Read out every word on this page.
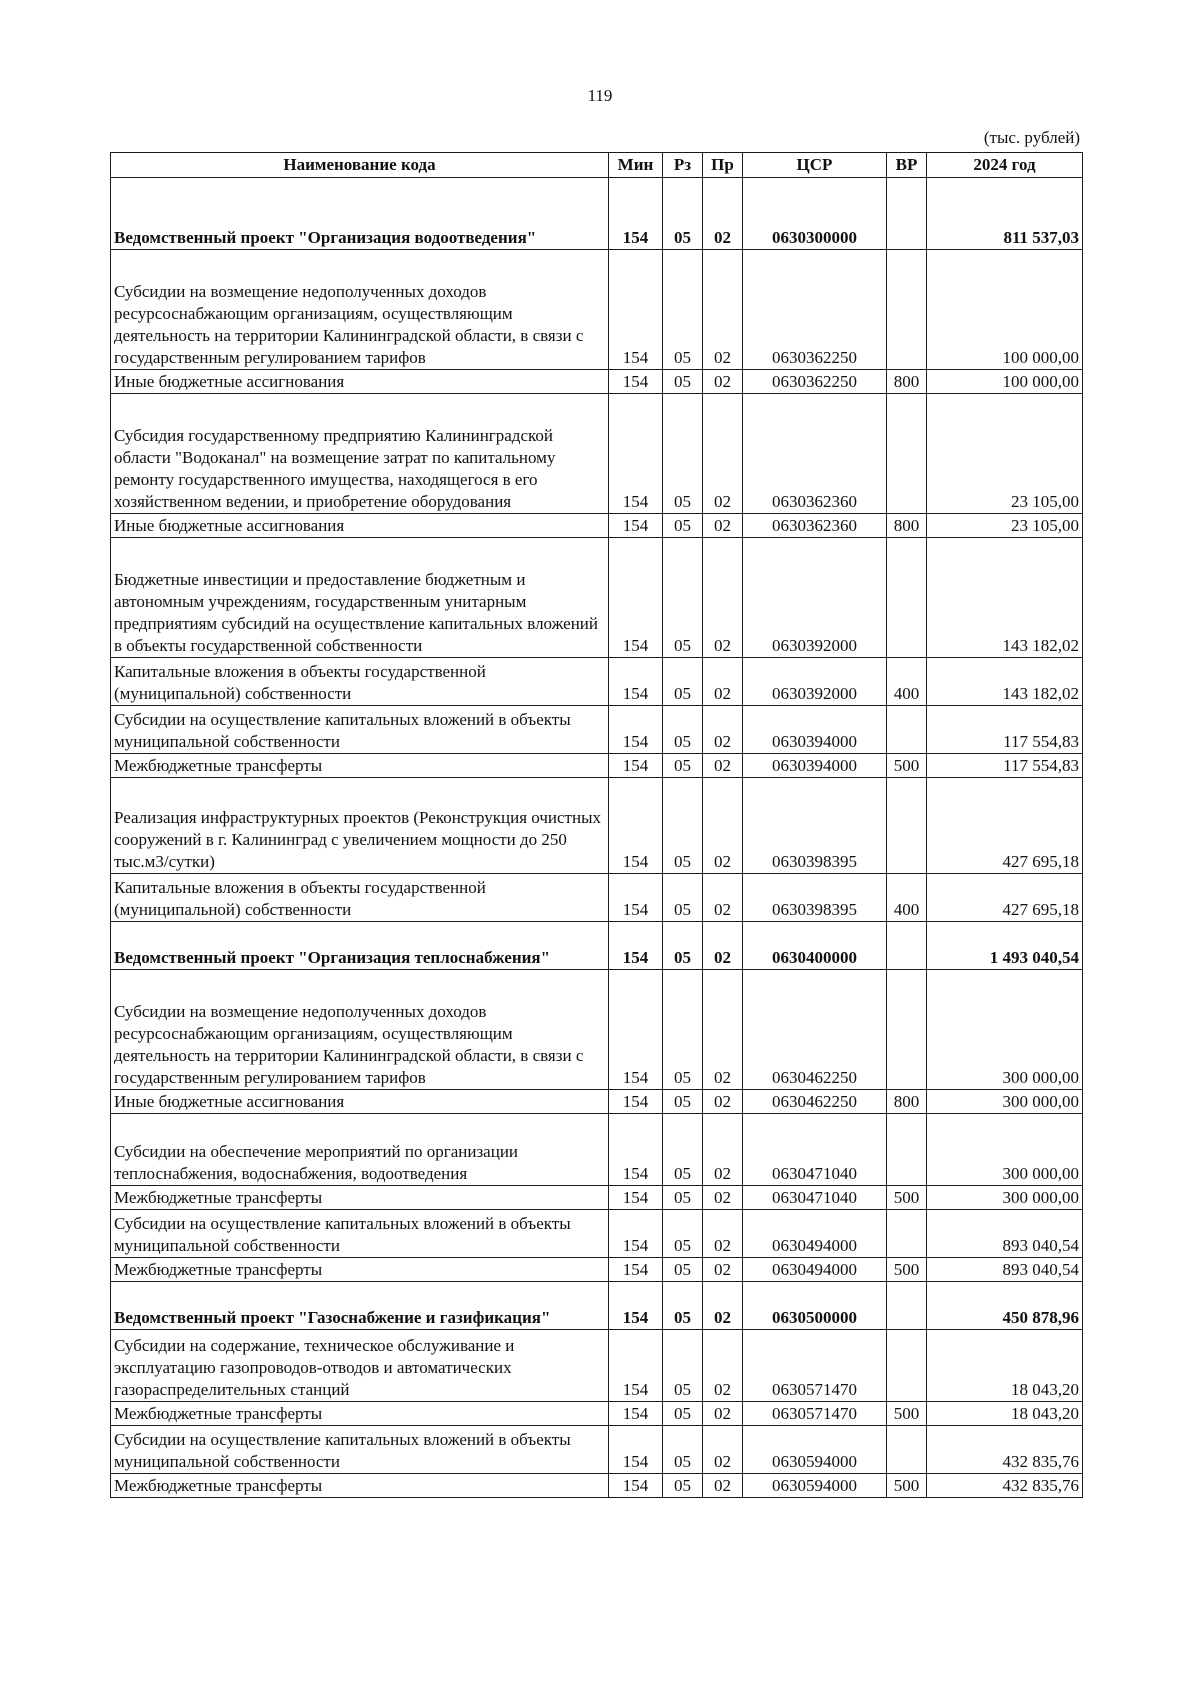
119
(тыс. рублей)
Наименование кода	Мин	Рз	Пр	ЦСР	ВР	2024 год
Ведомственный проект "Организация водоотведения"	154	05	02	0630300000		811 537,03
Субсидии на возмещение недополученных доходов ресурсоснабжающим организациям, осуществляющим деятельность на территории Калининградской области, в связи с государственным регулированием тарифов	154	05	02	0630362250		100 000,00
Иные бюджетные ассигнования	154	05	02	0630362250	800	100 000,00
Субсидия государственному предприятию Калининградской области "Водоканал" на возмещение затрат по капитальному ремонту государственного имущества, находящегося в его хозяйственном ведении, и приобретение оборудования	154	05	02	0630362360		23 105,00
Иные бюджетные ассигнования	154	05	02	0630362360	800	23 105,00
Бюджетные инвестиции и предоставление бюджетным и автономным учреждениям, государственным унитарным предприятиям субсидий на осуществление капитальных вложений в объекты государственной собственности	154	05	02	0630392000		143 182,02
Капитальные вложения в объекты государственной (муниципальной) собственности	154	05	02	0630392000	400	143 182,02
Субсидии на осуществление капитальных вложений в объекты муниципальной собственности	154	05	02	0630394000		117 554,83
Межбюджетные трансферты	154	05	02	0630394000	500	117 554,83
Реализация инфраструктурных проектов (Реконструкция очистных сооружений в г. Калининград с увеличением мощности до 250 тыс.м3/сутки)	154	05	02	0630398395		427 695,18
Капитальные вложения в объекты государственной (муниципальной) собственности	154	05	02	0630398395	400	427 695,18
Ведомственный проект "Организация теплоснабжения"	154	05	02	0630400000		1 493 040,54
Субсидии на возмещение недополученных доходов ресурсоснабжающим организациям, осуществляющим деятельность на территории Калининградской области, в связи с государственным регулированием тарифов	154	05	02	0630462250		300 000,00
Иные бюджетные ассигнования	154	05	02	0630462250	800	300 000,00
Субсидии на обеспечение мероприятий по организации теплоснабжения, водоснабжения, водоотведения	154	05	02	0630471040		300 000,00
Межбюджетные трансферты	154	05	02	0630471040	500	300 000,00
Субсидии на осуществление капитальных вложений в объекты муниципальной собственности	154	05	02	0630494000		893 040,54
Межбюджетные трансферты	154	05	02	0630494000	500	893 040,54
Ведомственный проект "Газоснабжение и газификация"	154	05	02	0630500000		450 878,96
Субсидии на содержание, техническое обслуживание и эксплуатацию газопроводов-отводов и автоматических газораспределительных станций	154	05	02	0630571470		18 043,20
Межбюджетные трансферты	154	05	02	0630571470	500	18 043,20
Субсидии на осуществление капитальных вложений в объекты муниципальной собственности	154	05	02	0630594000		432 835,76
Межбюджетные трансферты	154	05	02	0630594000	500	432 835,76
